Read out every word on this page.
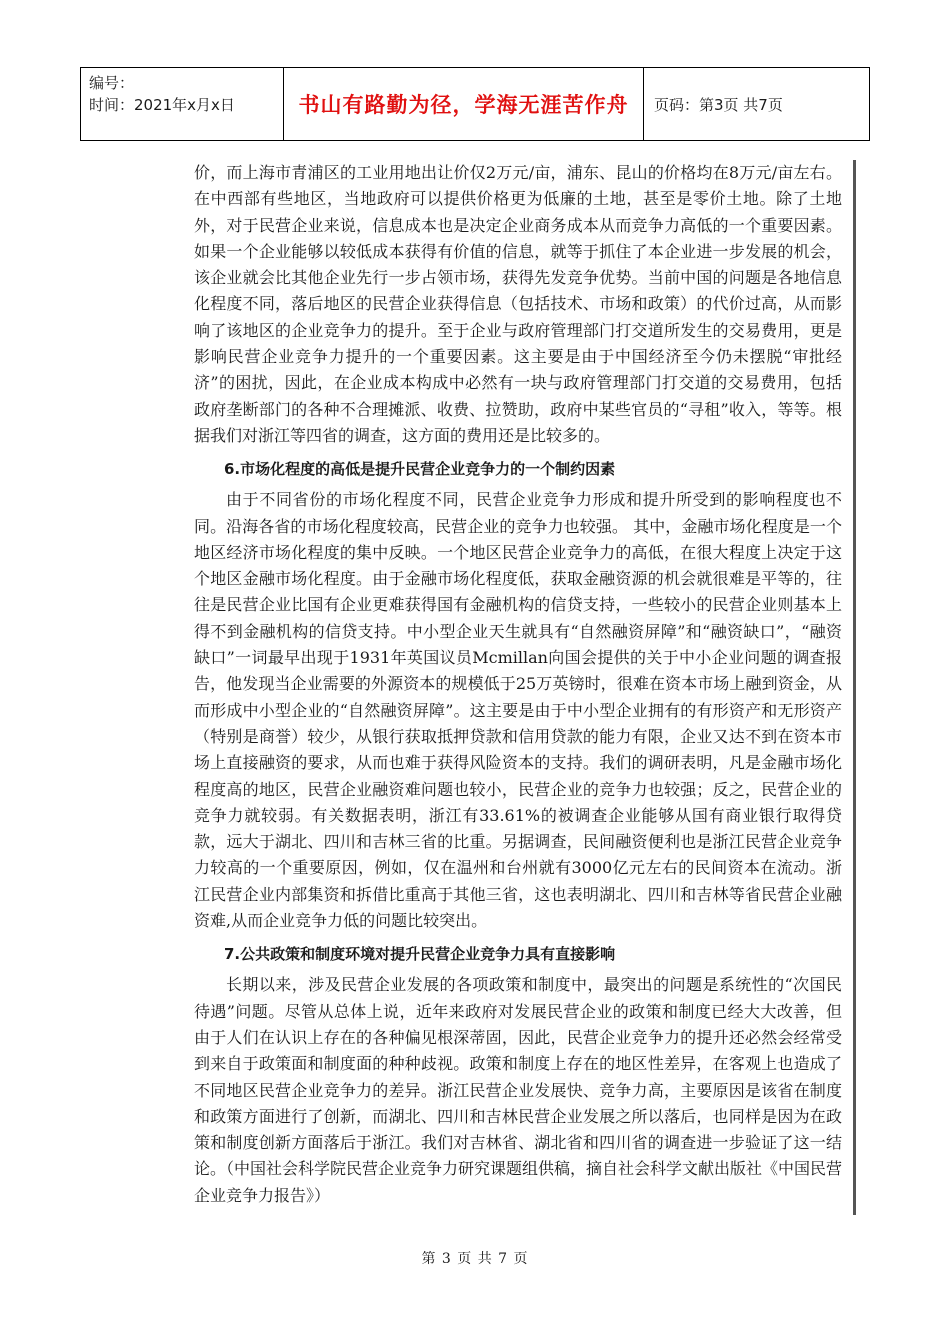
编号：
时间：2021年x月x日	书山有路勤为径，学海无涯苦作舟	页码：第3页 共7页

价，而上海市青浦区的工业用地出让价仅2万元/亩，浦东、昆山的价格均在8万元/亩左右。在中西部有些地区，当地政府可以提供价格更为低廉的土地，甚至是零价土地。除了土地外，对于民营企业来说，信息成本也是决定企业商务成本从而竞争力高低的一个重要因素。如果一个企业能够以较低成本获得有价值的信息，就等于抓住了本企业进一步发展的机会，该企业就会比其他企业先行一步占领市场，获得先发竞争优势。当前中国的问题是各地信息化程度不同，落后地区的民营企业获得信息（包括技术、市场和政策）的代价过高，从而影响了该地区的企业竞争力的提升。至于企业与政府管理部门打交道所发生的交易费用，更是影响民营企业竞争力提升的一个重要因素。这主要是由于中国经济至今仍未摆脱“审批经济”的困扰，因此，在企业成本构成中必然有一块与政府管理部门打交道的交易费用，包括政府垄断部门的各种不合理摊派、收费、拉赞助，政府中某些官员的“寻租”收入，等等。根据我们对浙江等四省的调查，这方面的费用还是比较多的。

6.市场化程度的高低是提升民营企业竞争力的一个制约因素

由于不同省份的市场化程度不同，民营企业竞争力形成和提升所受到的影响程度也不同。沿海各省的市场化程度较高，民营企业的竞争力也较强。 其中，金融市场化程度是一个地区经济市场化程度的集中反映。一个地区民营企业竞争力的高低，在很大程度上决定于这个地区金融市场化程度。由于金融市场化程度低，获取金融资源的机会就很难是平等的，往往是民营企业比国有企业更难获得国有金融机构的信贷支持，一些较小的民营企业则基本上得不到金融机构的信贷支持。中小型企业天生就具有“自然融资屏障”和“融资缺口”，“融资缺口”一词最早出现于1931年英国议员Mcmillan向国会提供的关于中小企业问题的调查报告，他发现当企业需要的外源资本的规模低于25万英镑时，很难在资本市场上融到资金，从而形成中小型企业的“自然融资屏障”。这主要是由于中小型企业拥有的有形资产和无形资产（特别是商誉）较少，从银行获取抵押贷款和信用贷款的能力有限，企业又达不到在资本市场上直接融资的要求，从而也难于获得风险资本的支持。我们的调研表明，凡是金融市场化程度高的地区，民营企业融资难问题也较小，民营企业的竞争力也较强；反之，民营企业的竞争力就较弱。有关数据表明，浙江有33.61%的被调查企业能够从国有商业银行取得贷款，远大于湖北、四川和吉林三省的比重。另据调查，民间融资便利也是浙江民营企业竞争力较高的一个重要原因，例如，仅在温州和台州就有3000亿元左右的民间资本在流动。浙江民营企业内部集资和拆借比重高于其他三省，这也表明湖北、四川和吉林等省民营企业融资难,从而企业竞争力低的问题比较突出。

7.公共政策和制度环境对提升民营企业竞争力具有直接影响

长期以来，涉及民营企业发展的各项政策和制度中，最突出的问题是系统性的“次国民待遇”问题。尽管从总体上说，近年来政府对发展民营企业的政策和制度已经大大改善，但由于人们在认识上存在的各种偏见根深蒂固，因此，民营企业竞争力的提升还必然会经常受到来自于政策面和制度面的种种歧视。政策和制度上存在的地区性差异，在客观上也造成了不同地区民营企业竞争力的差异。浙江民营企业发展快、竞争力高，主要原因是该省在制度和政策方面进行了创新，而湖北、四川和吉林民营企业发展之所以落后，也同样是因为在政策和制度创新方面落后于浙江。我们对吉林省、湖北省和四川省的调查进一步验证了这一结论。（中国社会科学院民营企业竞争力研究课题组供稿，摘自社会科学文献出版社《中国民营企业竞争力报告》）

第 3 页 共 7 页
